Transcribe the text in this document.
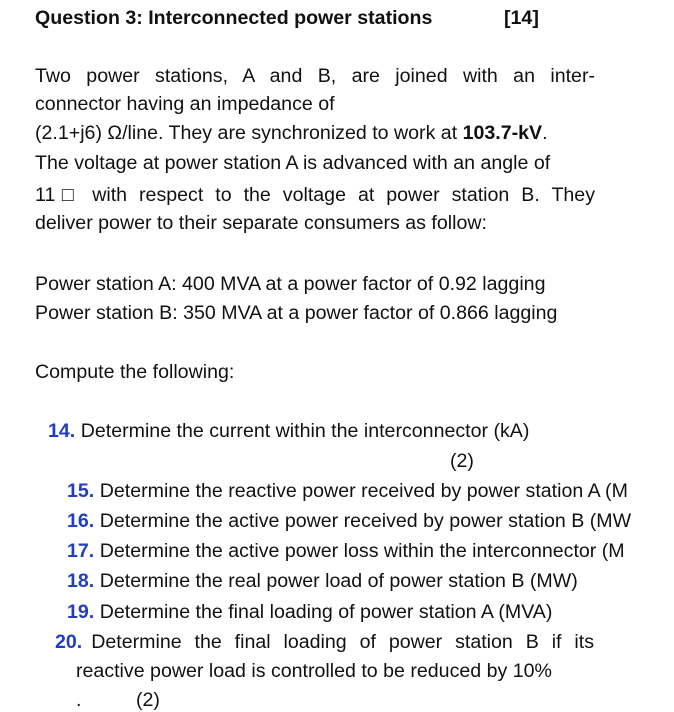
Question 3: Interconnected power stations	[14]
Two power stations, A and B, are joined with an inter-
connector having an impedance of
(2.1+j6) Ω/line. They are synchronized to work at 103.7-kV.
The voltage at power station A is advanced with an angle of
11□ with respect to the voltage at power station B. They
deliver power to their separate consumers as follow:
Power station A: 400 MVA at a power factor of 0.92 lagging
Power station B: 350 MVA at a power factor of 0.866 lagging
Compute the following:
14. Determine the current within the interconnector (kA)
(2)
15. Determine the reactive power received by power station A (M
16. Determine the active power received by power station B (MW
17. Determine the active power loss within the interconnector (M
18. Determine the real power load of power station B (MW)
19. Determine the final loading of power station A (MVA)
20. Determine the final loading of power station B if its
reactive power load is controlled to be reduced by 10%
.	(2)
